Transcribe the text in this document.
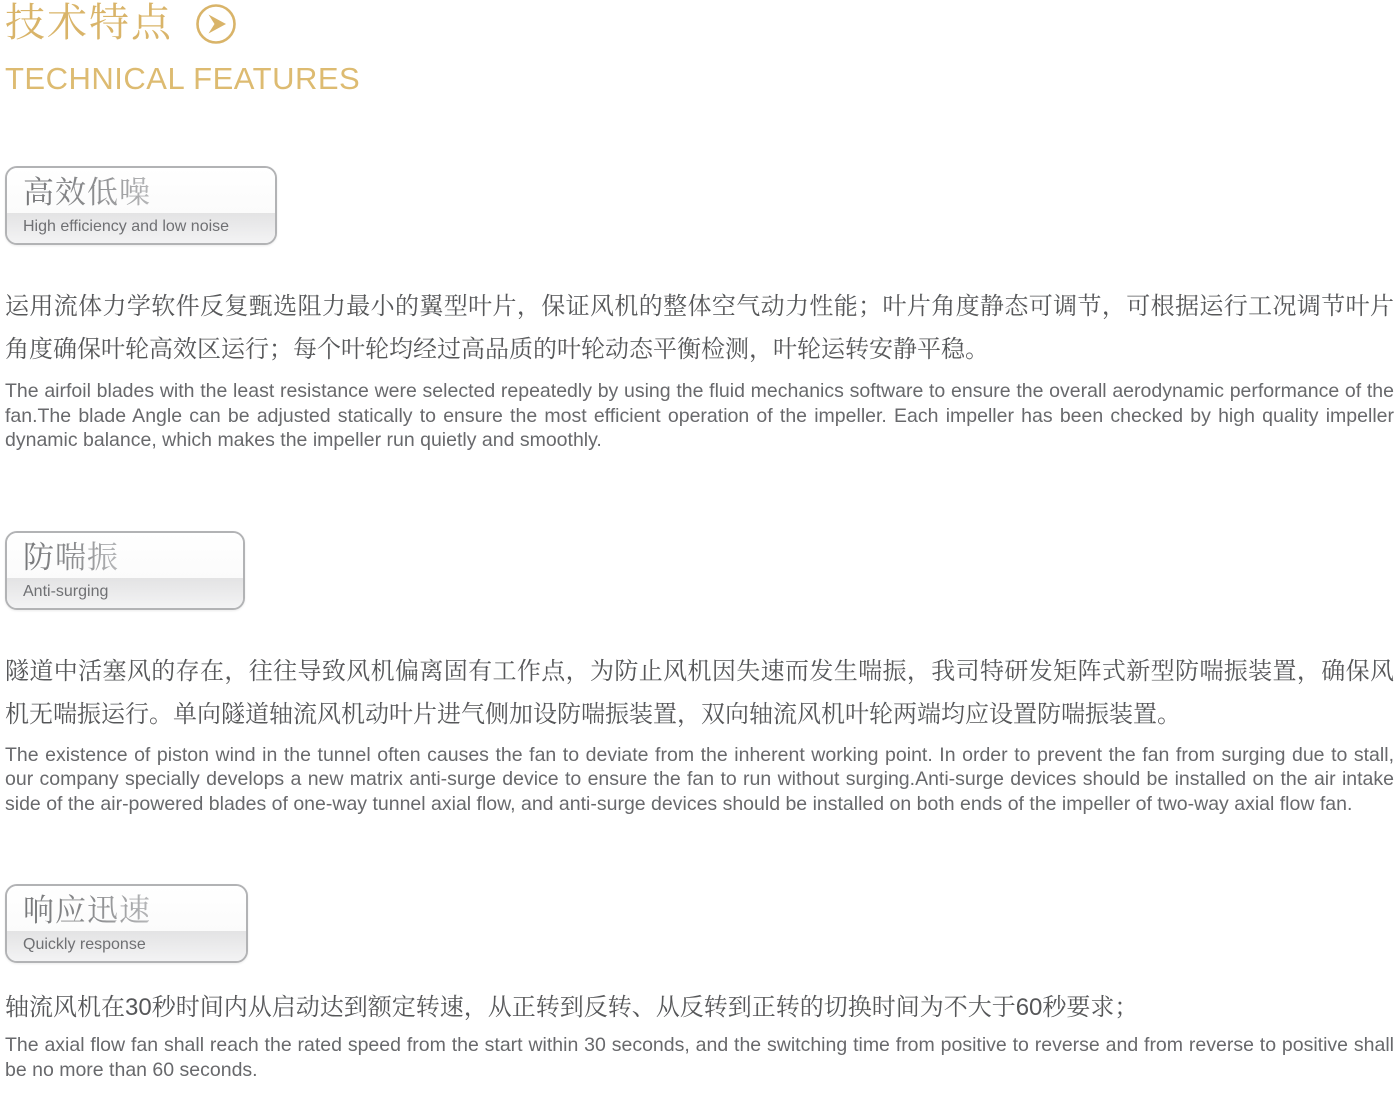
技术特点
TECHNICAL FEATURES
高效低噪
High efficiency and low noise

运用流体力学软件反复甄选阻力最小的翼型叶片，保证风机的整体空气动力性能；叶片角度静态可调节，可根据运行工况调节叶片角度确保叶轮高效区运行；每个叶轮均经过高品质的叶轮动态平衡检测，叶轮运转安静平稳。

The airfoil blades with the least resistance were selected repeatedly by using the fluid mechanics software to ensure the overall aerodynamic performance of the fan.The blade Angle can be adjusted statically to ensure the most efficient operation of the impeller. Each impeller has been checked by high quality impeller dynamic balance, which makes the impeller run quietly and smoothly.

防喘振
Anti-surging

隧道中活塞风的存在，往往导致风机偏离固有工作点，为防止风机因失速而发生喘振，我司特研发矩阵式新型防喘振装置，确保风机无喘振运行。单向隧道轴流风机动叶片进气侧加设防喘振装置，双向轴流风机叶轮两端均应设置防喘振装置。

The existence of piston wind in the tunnel often causes the fan to deviate from the inherent working point. In order to prevent the fan from surging due to stall, our company specially develops a new matrix anti-surge device to ensure the fan to run without surging.Anti-surge devices should be installed on the air intake side of the air-powered blades of one-way tunnel axial flow, and anti-surge devices should be installed on both ends of the impeller of two-way axial flow fan.

响应迅速
Quickly response

轴流风机在30秒时间内从启动达到额定转速，从正转到反转、从反转到正转的切换时间为不大于60秒要求；

The axial flow fan shall reach the rated speed from the start within 30 seconds, and the switching time from positive to reverse and from reverse to positive shall be no more than 60 seconds.
